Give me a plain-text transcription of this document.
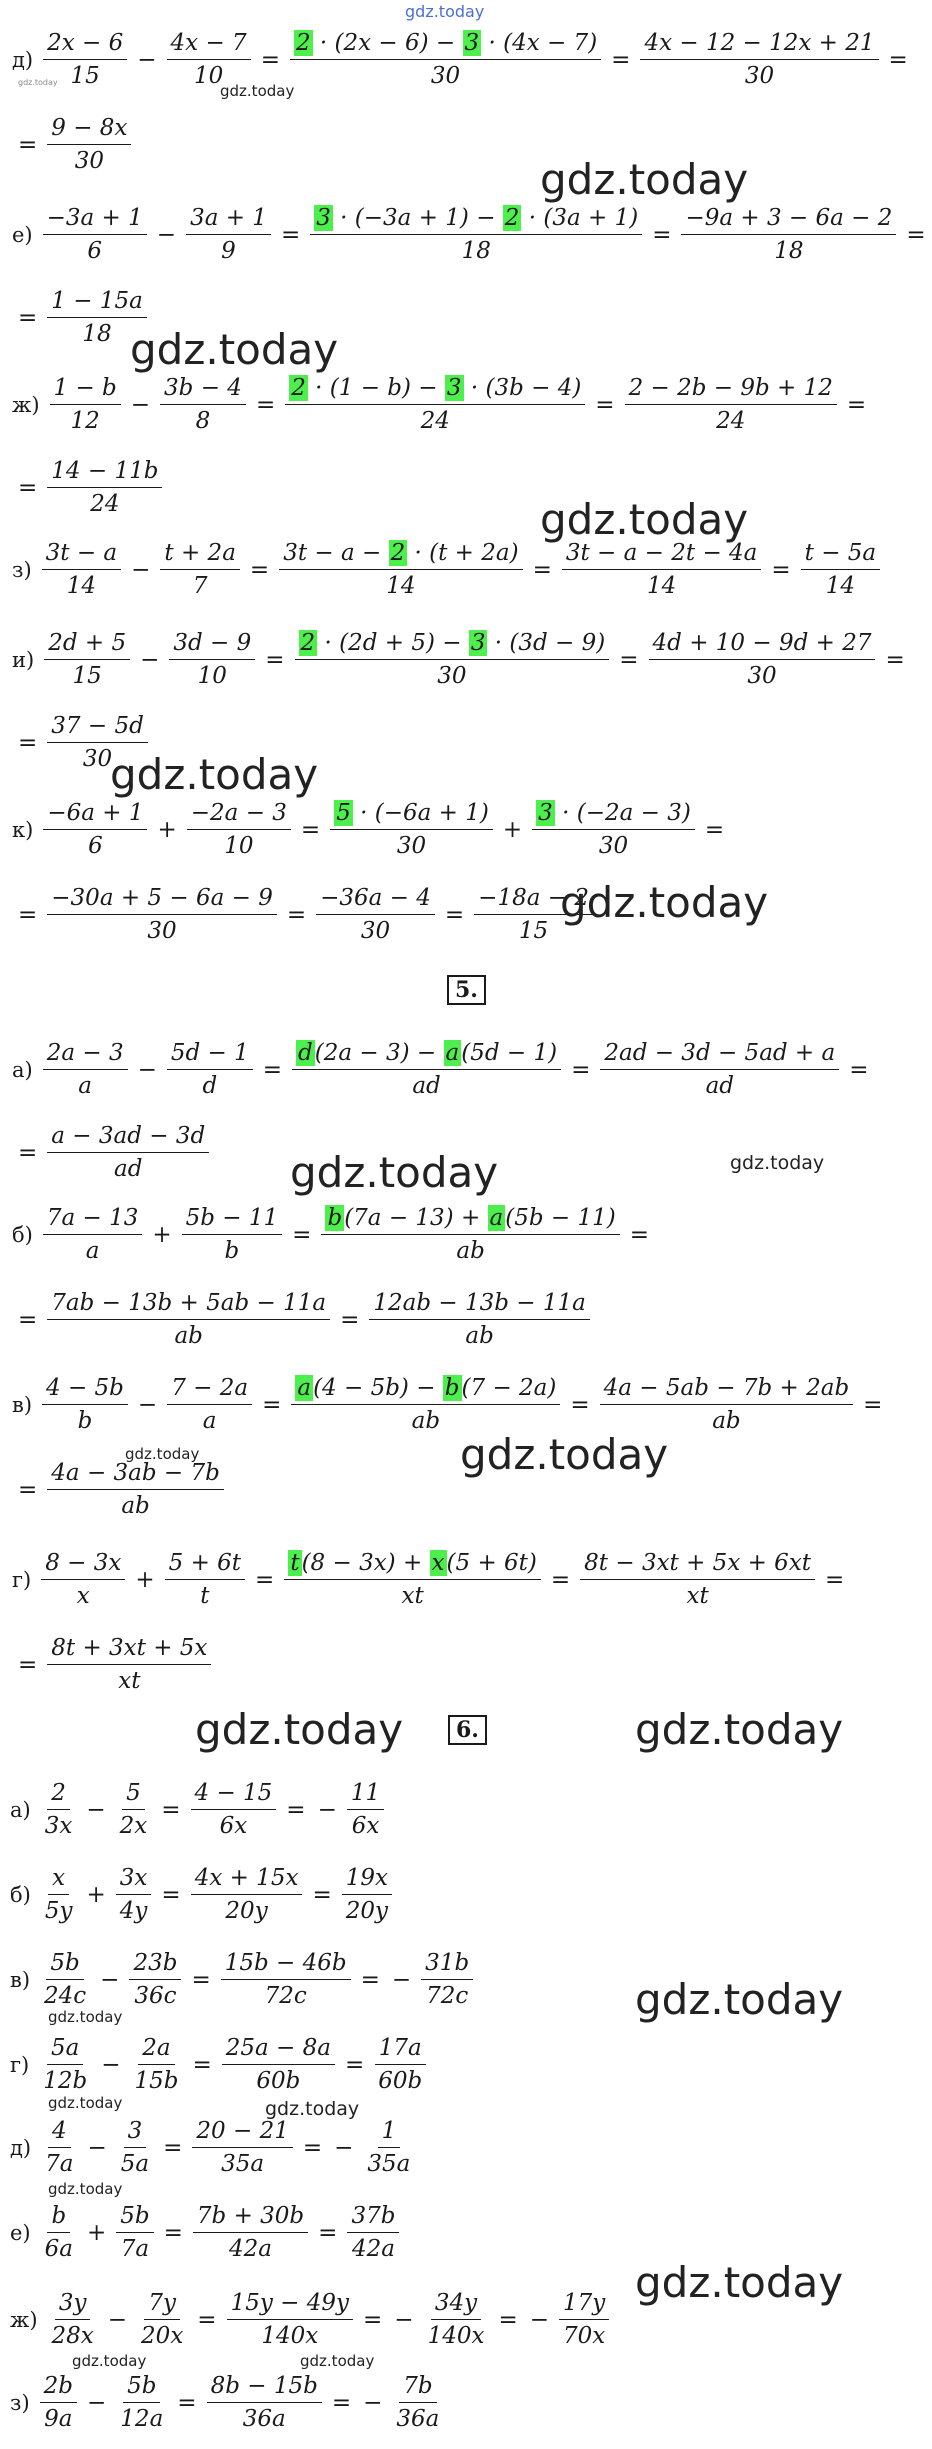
gdz.today
$д) \frac{2x - 6}{15} - \frac{4x - 7}{10} = \frac{2 \cdot (2x - 6) - 3 \cdot (4x - 7)}{30} = \frac{4x - 12 - 12x + 21}{30}$ =
gdz.today	gdz.today
= $\frac{9 - 8x}{30}$
gdz.today
$е) \frac{-3a + 1}{6} - \frac{3a + 1}{9} = \frac{3 \cdot (-3a + 1) - 2 \cdot (3a + 1)}{18} = \frac{-9a + 3 - 6a - 2}{18}$ =
= $\frac{1 - 15a}{18}$
gdz.today
$ж) \frac{1 - b}{12} - \frac{3b - 4}{8} = \frac{2 \cdot (1 - b) - 3 \cdot (3b - 4)}{24} = \frac{2 - 2b - 9b + 12}{24}$ =
= $\frac{14 - 11b}{24}$
gdz.today
$з) \frac{3t - a}{14} - \frac{t + 2a}{7} = \frac{3t - a - 2 \cdot (t + 2a)}{14} = \frac{3t - a - 2t - 4a}{14} = \frac{t - 5a}{14}$
$и) \frac{2d + 5}{15} - \frac{3d - 9}{10} = \frac{2 \cdot (2d + 5) - 3 \cdot (3d - 9)}{30} = \frac{4d + 10 - 9d + 27}{30}$ =
= $\frac{37 - 5d}{30}$
gdz.today
$к) \frac{-6a + 1}{6} + \frac{-2a - 3}{10} = \frac{5 \cdot (-6a + 1)}{30} + \frac{3 \cdot (-2a - 3)}{30}$ =
= $\frac{-30a + 5 - 6a - 9}{30} = \frac{-36a - 4}{30} = \frac{-18a - 2}{15}$
gdz.today
5.
$а) \frac{2a - 3}{a} - \frac{5d - 1}{d} = \frac{d(2a - 3) - a(5d - 1)}{ad} = \frac{2ad - 3d - 5ad + a}{ad}$ =
= $\frac{a - 3ad - 3d}{ad}$ gdz.today	gdz.today
$б) \frac{7a - 13}{a} + \frac{5b - 11}{b} = \frac{b(7a - 13) + a(5b - 11)}{ab}$ =
= $\frac{7ab - 13b + 5ab - 11a}{ab} = \frac{12ab - 13b - 11a}{ab}$
$в) \frac{4 - 5b}{b} - \frac{7 - 2a}{a} = \frac{a(4 - 5b) - b(7 - 2a)}{ab} = \frac{4a - 5ab - 7b + 2ab}{ab}$ =
gdz.today	gdz.today
= $\frac{4a - 3ab - 7b}{ab}$
$г) \frac{8 - 3x}{x} + \frac{5 + 6t}{t} = \frac{t(8 - 3x) + x(5 + 6t)}{xt} = \frac{8t - 3xt + 5x + 6xt}{xt}$ =
= $\frac{8t + 3xt + 5x}{xt}$
gdz.today	6.	gdz.today
$а) \frac{2}{3x} - \frac{5}{2x} = \frac{4 - 15}{6x}$ = − $\frac{11}{6x}$
$б) \frac{x}{5y} + \frac{3x}{4y} = \frac{4x + 15x}{20y} = \frac{19x}{20y}$
$в) \frac{5b}{24c} - \frac{23b}{36c} = \frac{15b - 46b}{72c}$ = − $\frac{31b}{72c}$	gdz.today
gdz.today
$г) \frac{5a}{12b} - \frac{2a}{15b} = \frac{25a - 8a}{60b} = \frac{17a}{60b}$
gdz.today
gdz.today
$д) \frac{4}{7a} - \frac{3}{5a} = \frac{20 - 21}{35a}$ = − $\frac{1}{35a}$
gdz.today
$е) \frac{b}{6a} + \frac{5b}{7a} = \frac{7b + 30b}{42a} = \frac{37b}{42a}$
gdz.today
$ж) \frac{3y}{28x} - \frac{7y}{20x} = \frac{15y - 49y}{140x}$ = − $\frac{34y}{140x}$ = − $\frac{17y}{70x}$
gdz.today	gdz.today
$з) \frac{2b}{9a} - \frac{5b}{12a} = \frac{8b - 15b}{36a}$ = − $\frac{7b}{36a}$
